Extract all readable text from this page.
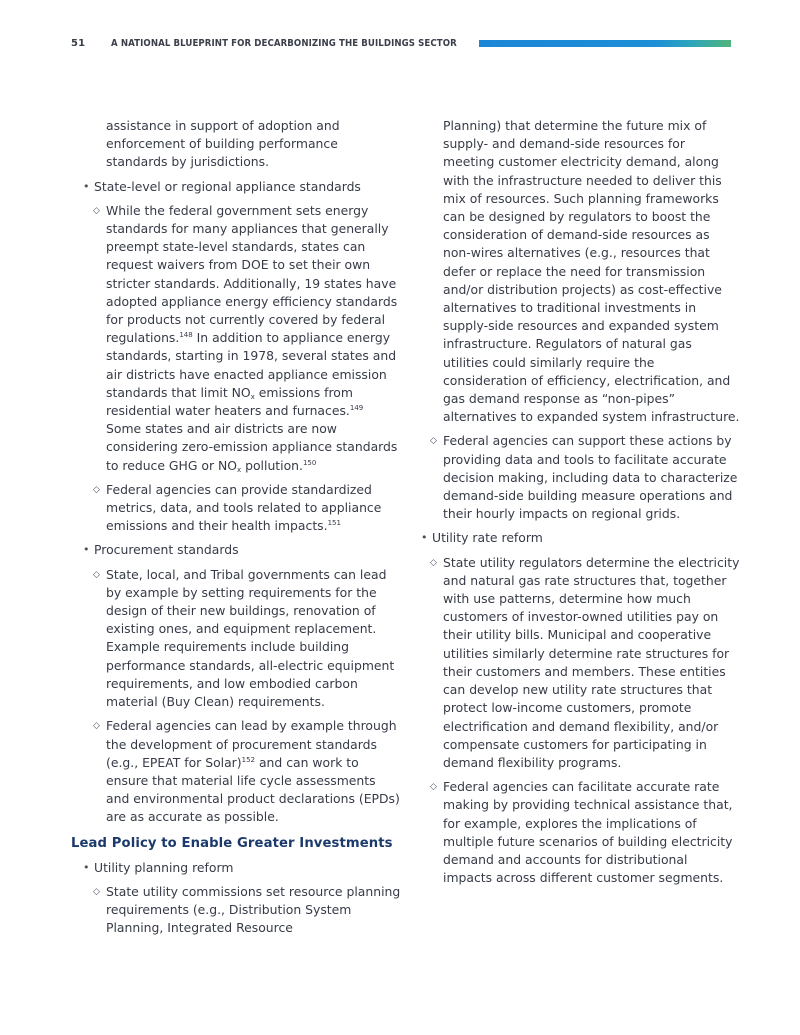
51	A NATIONAL BLUEPRINT FOR DECARBONIZING THE BUILDINGS SECTOR

assistance in support of adoption and enforcement of building performance standards by jurisdictions.

• State-level or regional appliance standards
◇ While the federal government sets energy standards for many appliances that generally preempt state-level standards, states can request waivers from DOE to set their own stricter standards. Additionally, 19 states have adopted appliance energy efficiency standards for products not currently covered by federal regulations.$^{148}$ In addition to appliance energy standards, starting in 1978, several states and air districts have enacted appliance emission standards that limit $NO_x$ emissions from residential water heaters and furnaces.$^{149}$ Some states and air districts are now considering zero-emission appliance standards to reduce GHG or $NO_x$ pollution.$^{150}$
◇ Federal agencies can provide standardized metrics, data, and tools related to appliance emissions and their health impacts.$^{151}$
• Procurement standards
◇ State, local, and Tribal governments can lead by example by setting requirements for the design of their new buildings, renovation of existing ones, and equipment replacement. Example requirements include building performance standards, all-electric equipment requirements, and low embodied carbon material (Buy Clean) requirements.
◇ Federal agencies can lead by example through the development of procurement standards (e.g., EPEAT for Solar)$^{152}$ and can work to ensure that material life cycle assessments and environmental product declarations (EPDs) are as accurate as possible.
Lead Policy to Enable Greater Investments
• Utility planning reform
◇ State utility commissions set resource planning requirements (e.g., Distribution System Planning, Integrated Resource

Planning) that determine the future mix of supply- and demand-side resources for meeting customer electricity demand, along with the infrastructure needed to deliver this mix of resources. Such planning frameworks can be designed by regulators to boost the consideration of demand-side resources as non-wires alternatives (e.g., resources that defer or replace the need for transmission and/or distribution projects) as cost-effective alternatives to traditional investments in supply-side resources and expanded system infrastructure. Regulators of natural gas utilities could similarly require the consideration of efficiency, electrification, and gas demand response as “non-pipes” alternatives to expanded system infrastructure.

◇ Federal agencies can support these actions by providing data and tools to facilitate accurate decision making, including data to characterize demand-side building measure operations and their hourly impacts on regional grids.
• Utility rate reform
◇ State utility regulators determine the electricity and natural gas rate structures that, together with use patterns, determine how much customers of investor-owned utilities pay on their utility bills. Municipal and cooperative utilities similarly determine rate structures for their customers and members. These entities can develop new utility rate structures that protect low-income customers, promote electrification and demand flexibility, and/or compensate customers for participating in demand flexibility programs.
◇ Federal agencies can facilitate accurate rate making by providing technical assistance that, for example, explores the implications of multiple future scenarios of building electricity demand and accounts for distributional impacts across different customer segments.
